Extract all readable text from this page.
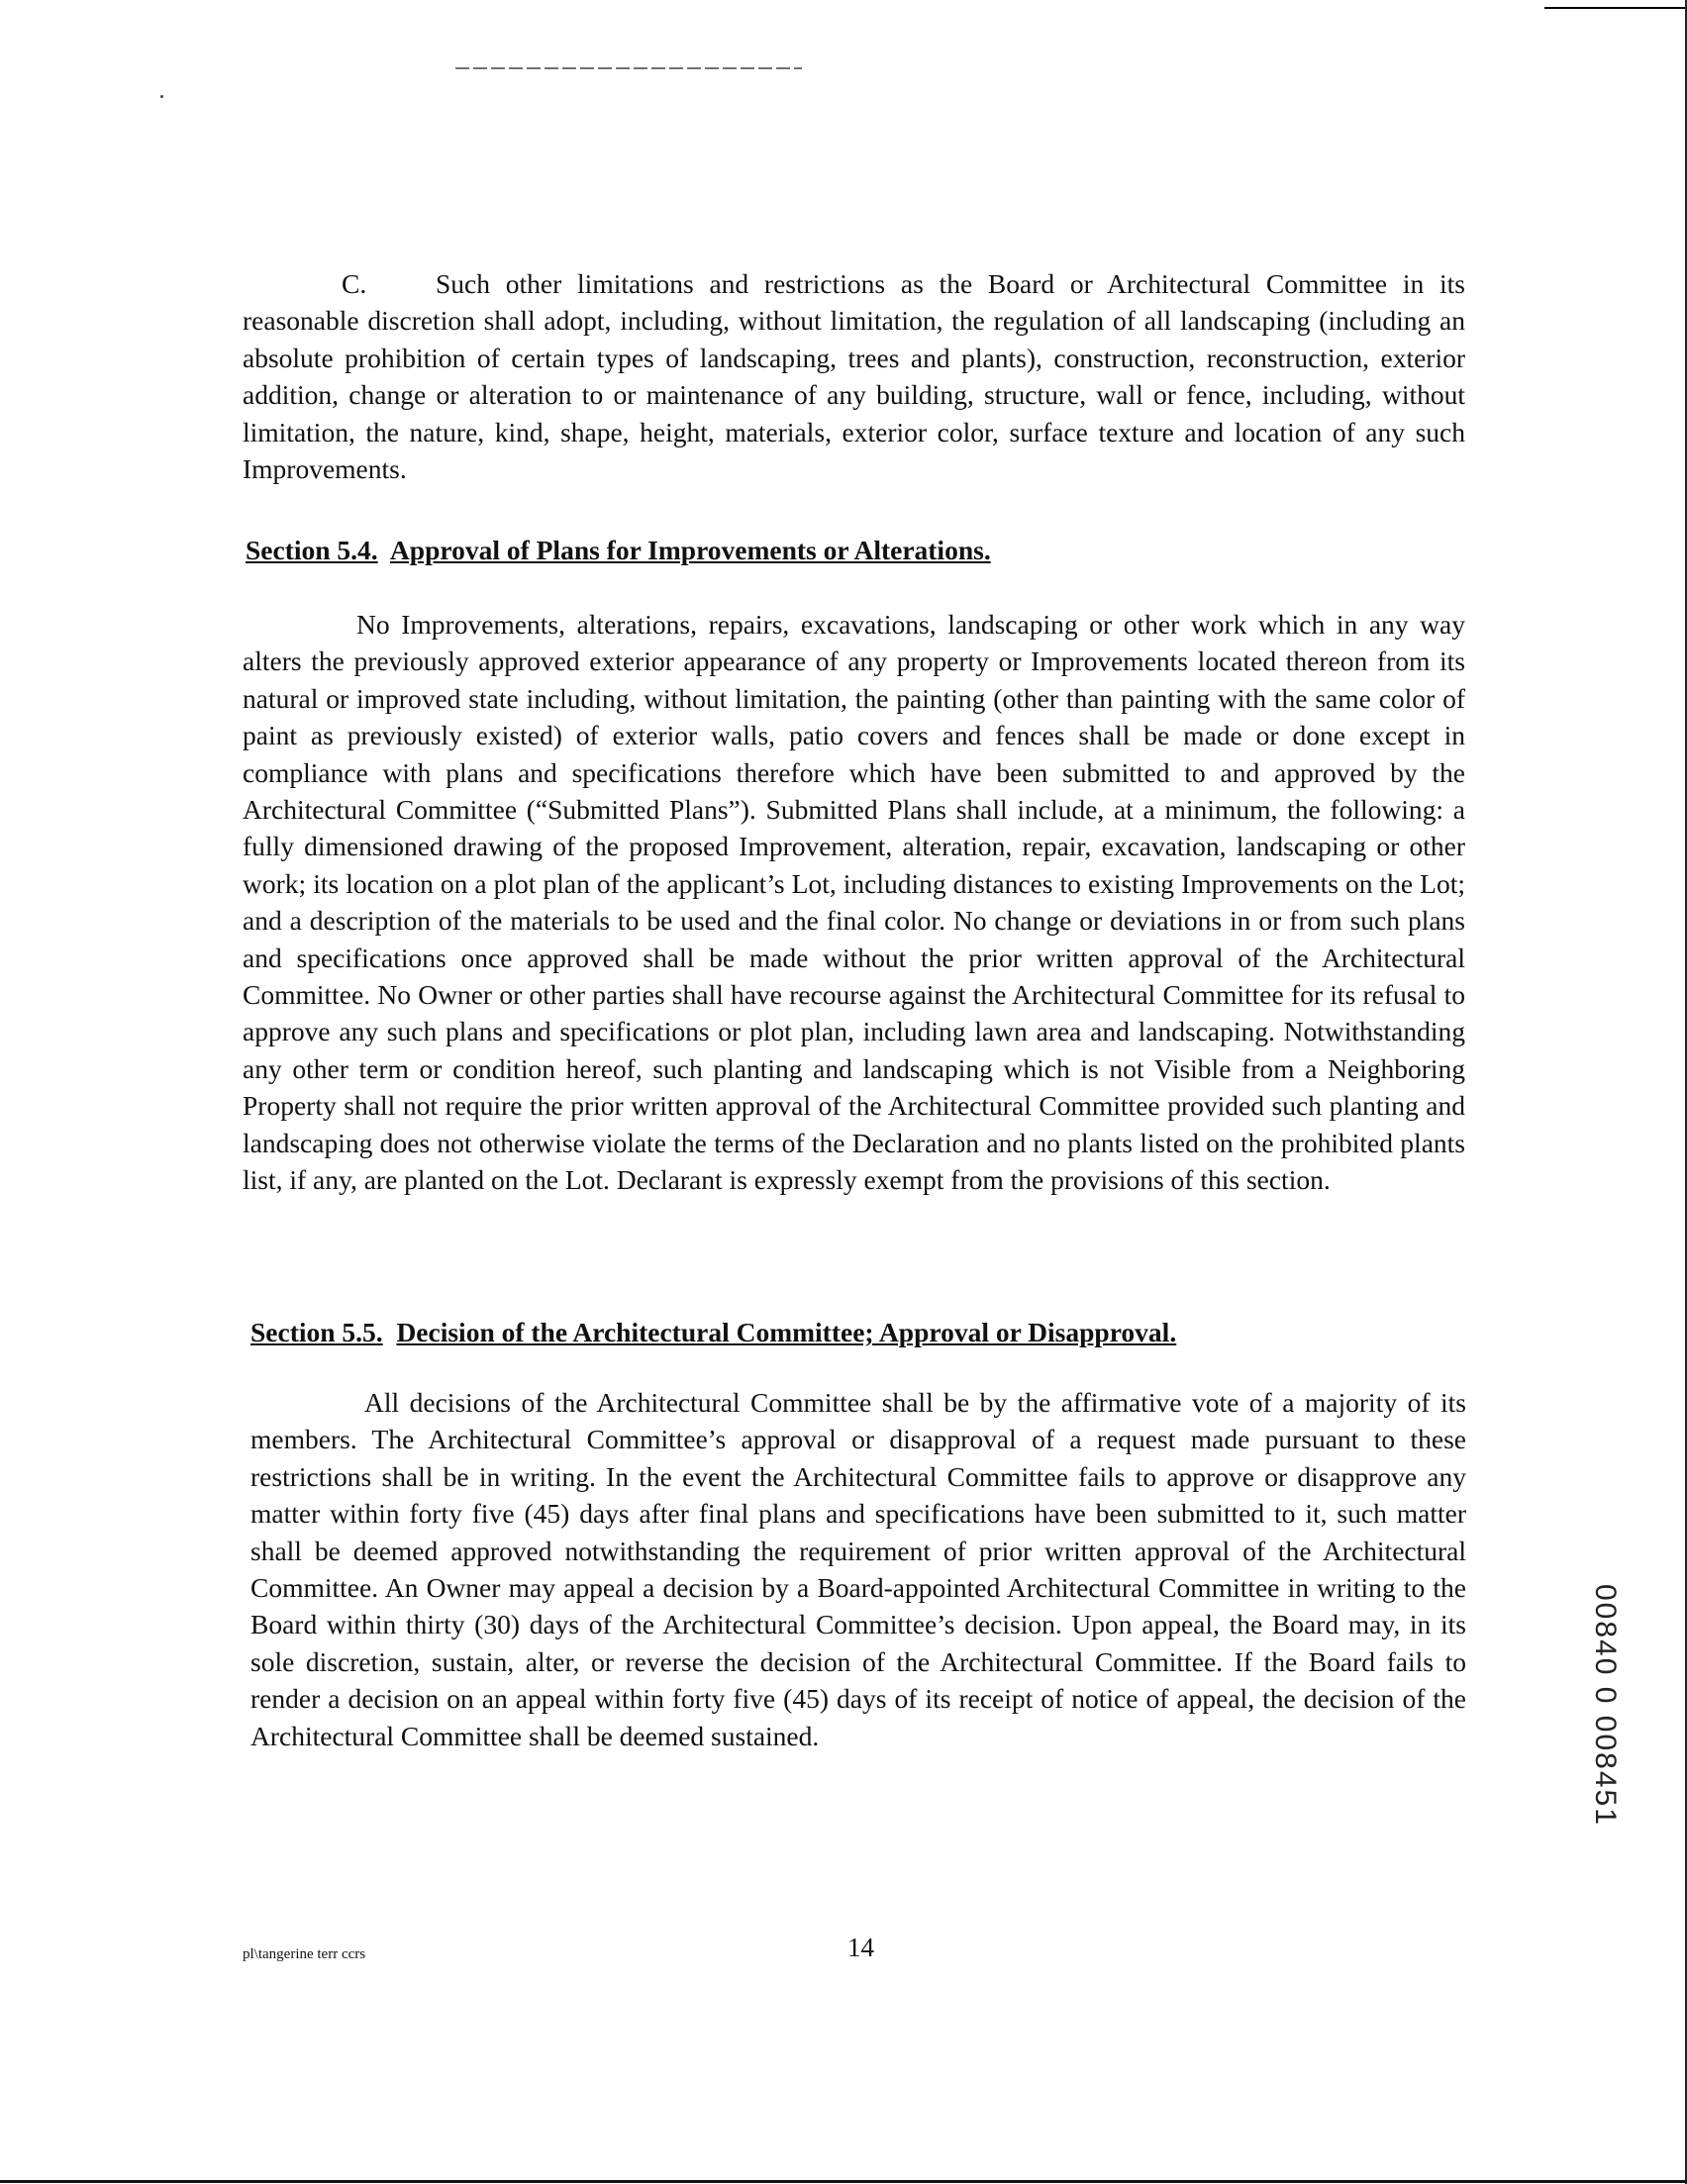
C.	Such other limitations and restrictions as the Board or Architectural Committee in its reasonable discretion shall adopt, including, without limitation, the regulation of all landscaping (including an absolute prohibition of certain types of landscaping, trees and plants), construction, reconstruction, exterior addition, change or alteration to or maintenance of any building, structure, wall or fence, including, without limitation, the nature, kind, shape, height, materials, exterior color, surface texture and location of any such Improvements.
Section 5.4. Approval of Plans for Improvements or Alterations.
No Improvements, alterations, repairs, excavations, landscaping or other work which in any way alters the previously approved exterior appearance of any property or Improvements located thereon from its natural or improved state including, without limitation, the painting (other than painting with the same color of paint as previously existed) of exterior walls, patio covers and fences shall be made or done except in compliance with plans and specifications therefore which have been submitted to and approved by the Architectural Committee (“Submitted Plans”). Submitted Plans shall include, at a minimum, the following: a fully dimensioned drawing of the proposed Improvement, alteration, repair, excavation, landscaping or other work; its location on a plot plan of the applicant’s Lot, including distances to existing Improvements on the Lot; and a description of the materials to be used and the final color. No change or deviations in or from such plans and specifications once approved shall be made without the prior written approval of the Architectural Committee. No Owner or other parties shall have recourse against the Architectural Committee for its refusal to approve any such plans and specifications or plot plan, including lawn area and landscaping. Notwithstanding any other term or condition hereof, such planting and landscaping which is not Visible from a Neighboring Property shall not require the prior written approval of the Architectural Committee provided such planting and landscaping does not otherwise violate the terms of the Declaration and no plants listed on the prohibited plants list, if any, are planted on the Lot. Declarant is expressly exempt from the provisions of this section.
Section 5.5. Decision of the Architectural Committee; Approval or Disapproval.
All decisions of the Architectural Committee shall be by the affirmative vote of a majority of its members. The Architectural Committee’s approval or disapproval of a request made pursuant to these restrictions shall be in writing. In the event the Architectural Committee fails to approve or disapprove any matter within forty five (45) days after final plans and specifications have been submitted to it, such matter shall be deemed approved notwithstanding the requirement of prior written approval of the Architectural Committee. An Owner may appeal a decision by a Board-appointed Architectural Committee in writing to the Board within thirty (30) days of the Architectural Committee’s decision. Upon appeal, the Board may, in its sole discretion, sustain, alter, or reverse the decision of the Architectural Committee. If the Board fails to render a decision on an appeal within forty five (45) days of its receipt of notice of appeal, the decision of the Architectural Committee shall be deemed sustained.
pl\tangerine terr ccrs	14
00840 0 008451
